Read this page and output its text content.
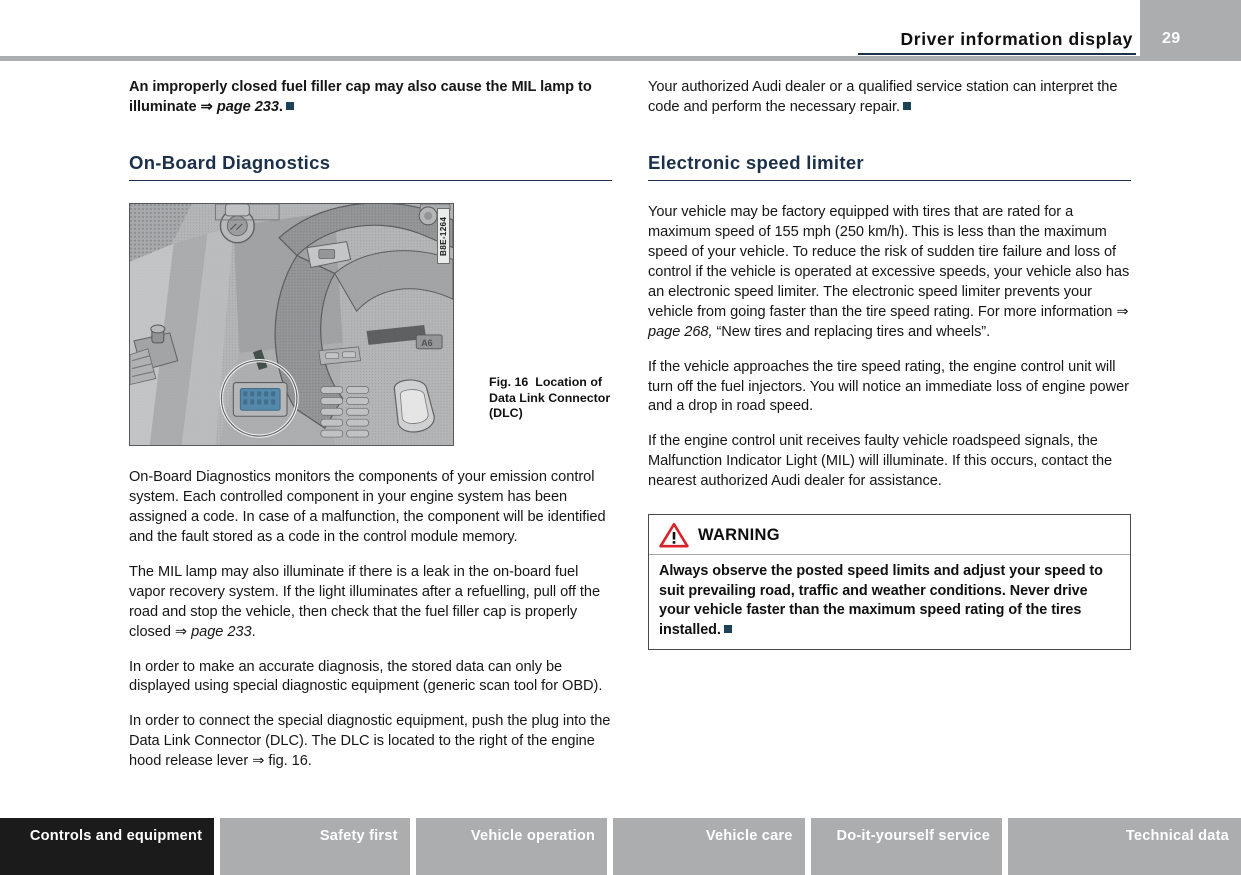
Driver information display 29

An improperly closed fuel filler cap may also cause the MIL lamp to illuminate ⇒ page 233.

On-Board Diagnostics
A6
B8E-1264
Fig. 16 Location of Data Link Connector (DLC)

On-Board Diagnostics monitors the components of your emission control system. Each controlled component in your engine system has been assigned a code. In case of a malfunction, the component will be identified and the fault stored as a code in the control module memory.

The MIL lamp may also illuminate if there is a leak in the on-board fuel vapor recovery system. If the light illuminates after a refuelling, pull off the road and stop the vehicle, then check that the fuel filler cap is properly closed ⇒ page 233.

In order to make an accurate diagnosis, the stored data can only be displayed using special diagnostic equipment (generic scan tool for OBD).

In order to connect the special diagnostic equipment, push the plug into the Data Link Connector (DLC). The DLC is located to the right of the engine hood release lever ⇒ fig. 16.

Your authorized Audi dealer or a qualified service station can interpret the code and perform the necessary repair.

Electronic speed limiter

Your vehicle may be factory equipped with tires that are rated for a maximum speed of 155 mph (250 km/h). This is less than the maximum speed of your vehicle. To reduce the risk of sudden tire failure and loss of control if the vehicle is operated at excessive speeds, your vehicle also has an electronic speed limiter. The electronic speed limiter prevents your vehicle from going faster than the tire speed rating. For more information ⇒ page 268, “New tires and replacing tires and wheels”.

If the vehicle approaches the tire speed rating, the engine control unit will turn off the fuel injectors. You will notice an immediate loss of engine power and a drop in road speed.

If the engine control unit receives faulty vehicle roadspeed signals, the Malfunction Indicator Light (MIL) will illuminate. If this occurs, contact the nearest authorized Audi dealer for assistance.

WARNING
Always observe the posted speed limits and adjust your speed to suit prevailing road, traffic and weather conditions. Never drive your vehicle faster than the maximum speed rating of the tires installed.
Controls and equipment	Safety first	Vehicle operation	Vehicle care	Do-it-yourself service	Technical data
